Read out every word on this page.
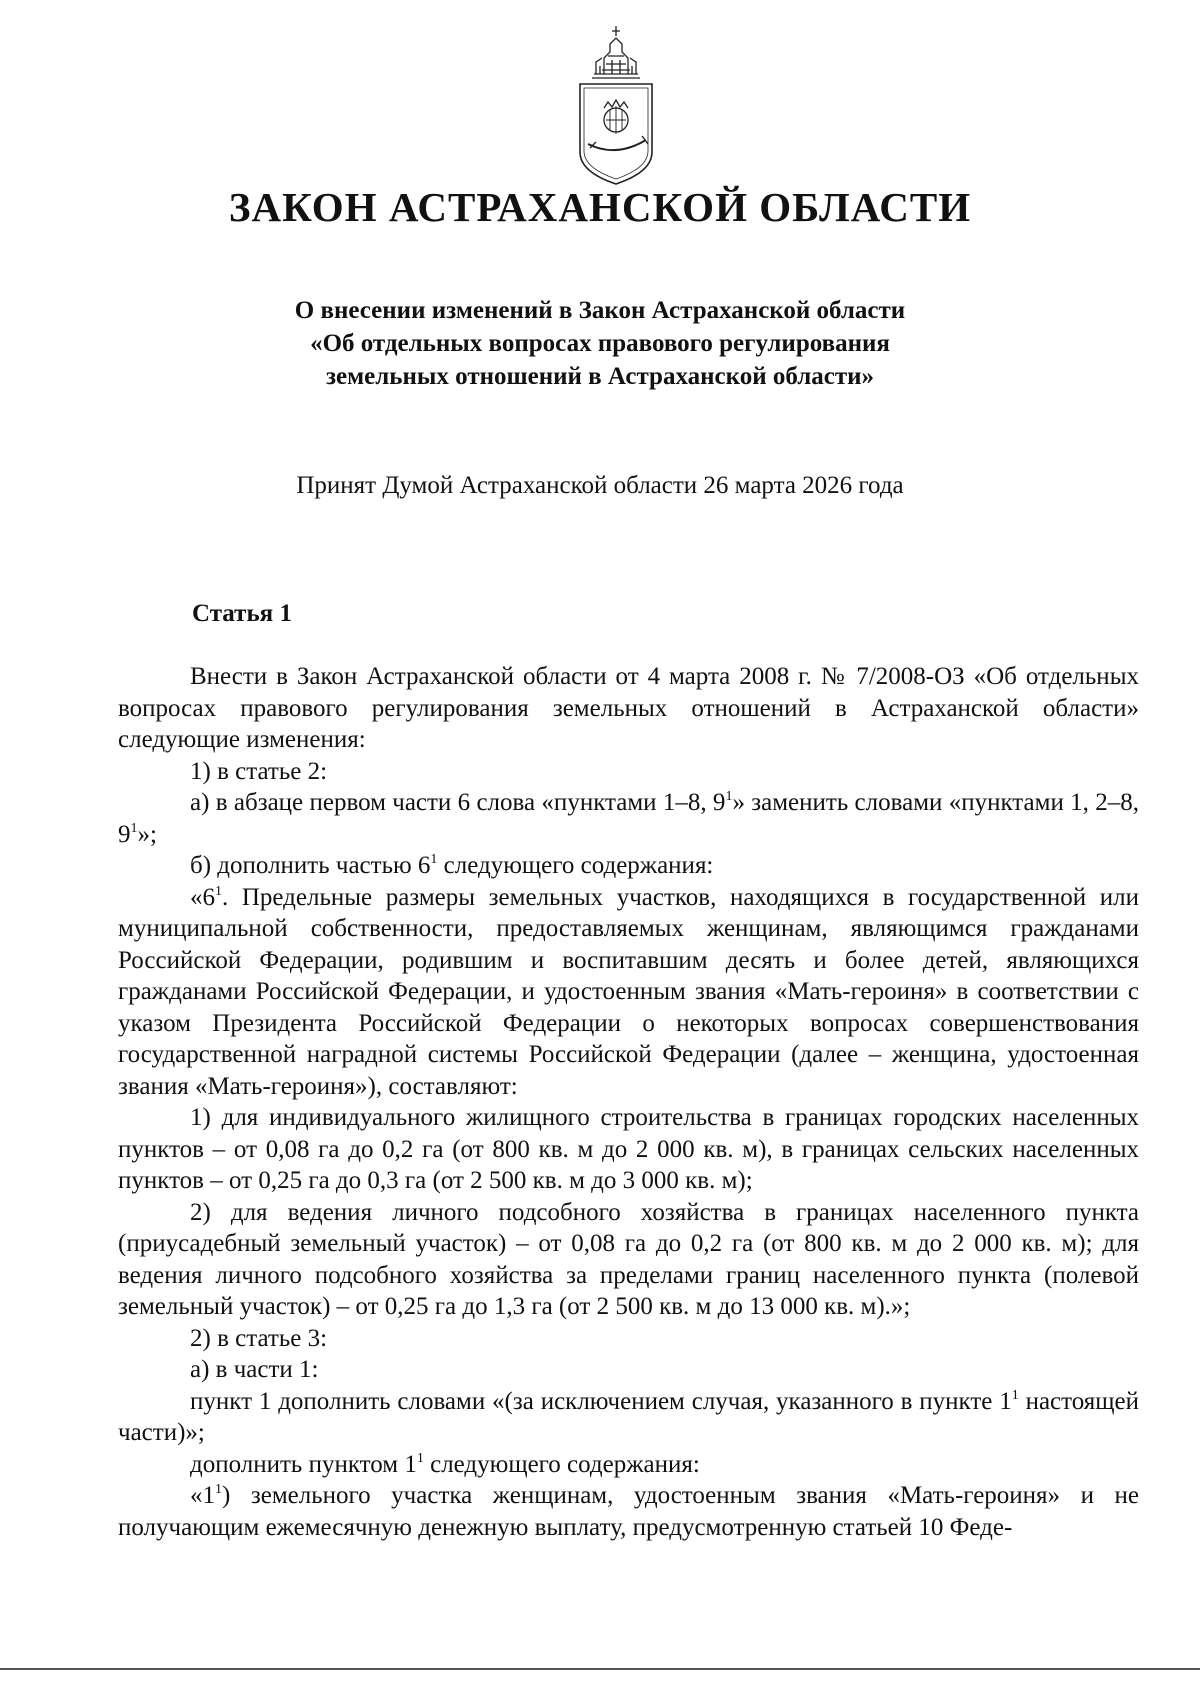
ЗАКОН АСТРАХАНСКОЙ ОБЛАСТИ
О внесении изменений в Закон Астраханской области
«Об отдельных вопросах правового регулирования
земельных отношений в Астраханской области»
Принят Думой Астраханской области 26 марта 2026 года
Статья 1

Внести в Закон Астраханской области от 4 марта 2008 г. № 7/2008-ОЗ «Об отдельных вопросах правового регулирования земельных отношений в Астраханской области» следующие изменения:

1) в статье 2:

а) в абзаце первом части 6 слова «пунктами 1–8, $9^1$» заменить словами «пунктами 1, 2–8, $9^1$»;

б) дополнить частью $6^1$ следующего содержания:

«$6^1$. Предельные размеры земельных участков, находящихся в государственной или муниципальной собственности, предоставляемых женщинам, являющимся гражданами Российской Федерации, родившим и воспитавшим десять и более детей, являющихся гражданами Российской Федерации, и удостоенным звания «Мать-героиня» в соответствии с указом Президента Российской Федерации о некоторых вопросах совершенствования государственной наградной системы Российской Федерации (далее – женщина, удостоенная звания «Мать-героиня»), составляют:

1) для индивидуального жилищного строительства в границах городских населенных пунктов – от 0,08 га до 0,2 га (от 800 кв. м до 2 000 кв. м), в границах сельских населенных пунктов – от 0,25 га до 0,3 га (от 2 500 кв. м до 3 000 кв. м);

2) для ведения личного подсобного хозяйства в границах населенного пункта (приусадебный земельный участок) – от 0,08 га до 0,2 га (от 800 кв. м до 2 000 кв. м); для ведения личного подсобного хозяйства за пределами границ населенного пункта (полевой земельный участок) – от 0,25 га до 1,3 га (от 2 500 кв. м до 13 000 кв. м).»;

2) в статье 3:

а) в части 1:

пункт 1 дополнить словами «(за исключением случая, указанного в пункте $1^1$ настоящей части)»;

дополнить пунктом $1^1$ следующего содержания:

«$1^1$) земельного участка женщинам, удостоенным звания «Мать-героиня» и не получающим ежемесячную денежную выплату, предусмотренную статьей 10 Феде-
